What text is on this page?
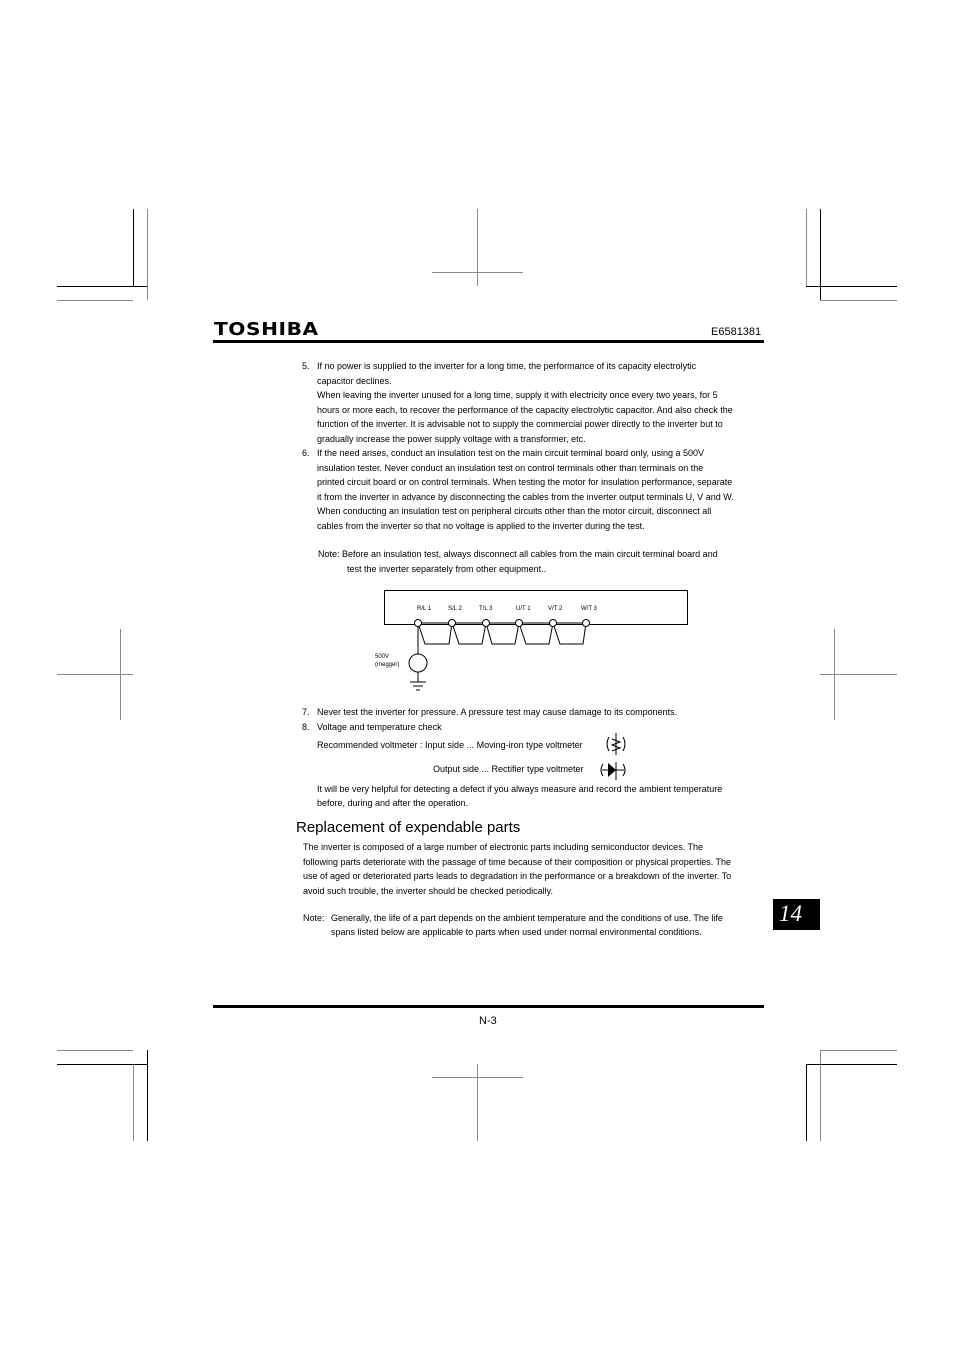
TOSHIBA	E6581381
5. If no power is supplied to the inverter for a long time, the performance of its capacity electrolytic
capacitor declines.
When leaving the inverter unused for a long time, supply it with electricity once every two years, for 5
hours or more each, to recover the performance of the capacity electrolytic capacitor. And also check the
function of the inverter. It is advisable not to supply the commercial power directly to the inverter but to
gradually increase the power supply voltage with a transformer, etc.
6. If the need arises, conduct an insulation test on the main circuit terminal board only, using a 500V
insulation tester. Never conduct an insulation test on control terminals other than terminals on the
printed circuit board or on control terminals. When testing the motor for insulation performance, separate
it from the inverter in advance by disconnecting the cables from the inverter output terminals U, V and W.
When conducting an insulation test on peripheral circuits other than the motor circuit, disconnect all
cables from the inverter so that no voltage is applied to the inverter during the test.
Note: Before an insulation test, always disconnect all cables from the main circuit terminal board and
test the inverter separately from other equipment..
R/L 1	S/L 2	T/L 3	U/T 1	V/T 2	W/T 3
500V
(megger)
7. Never test the inverter for pressure. A pressure test may cause damage to its components.
8. Voltage and temperature check
Recommended voltmeter : Input side ... Moving-iron type voltmeter
Output side ... Rectifier type voltmeter
It will be very helpful for detecting a defect if you always measure and record the ambient temperature
before, during and after the operation.
Replacement of expendable parts
The inverter is composed of a large number of electronic parts including semiconductor devices. The
following parts deteriorate with the passage of time because of their composition or physical properties. The
use of aged or deteriorated parts leads to degradation in the performance or a breakdown of the inverter. To
avoid such trouble, the inverter should be checked periodically.
Note: Generally, the life of a part depends on the ambient temperature and the conditions of use. The life
spans listed below are applicable to parts when used under normal environmental conditions.
14
N-3
